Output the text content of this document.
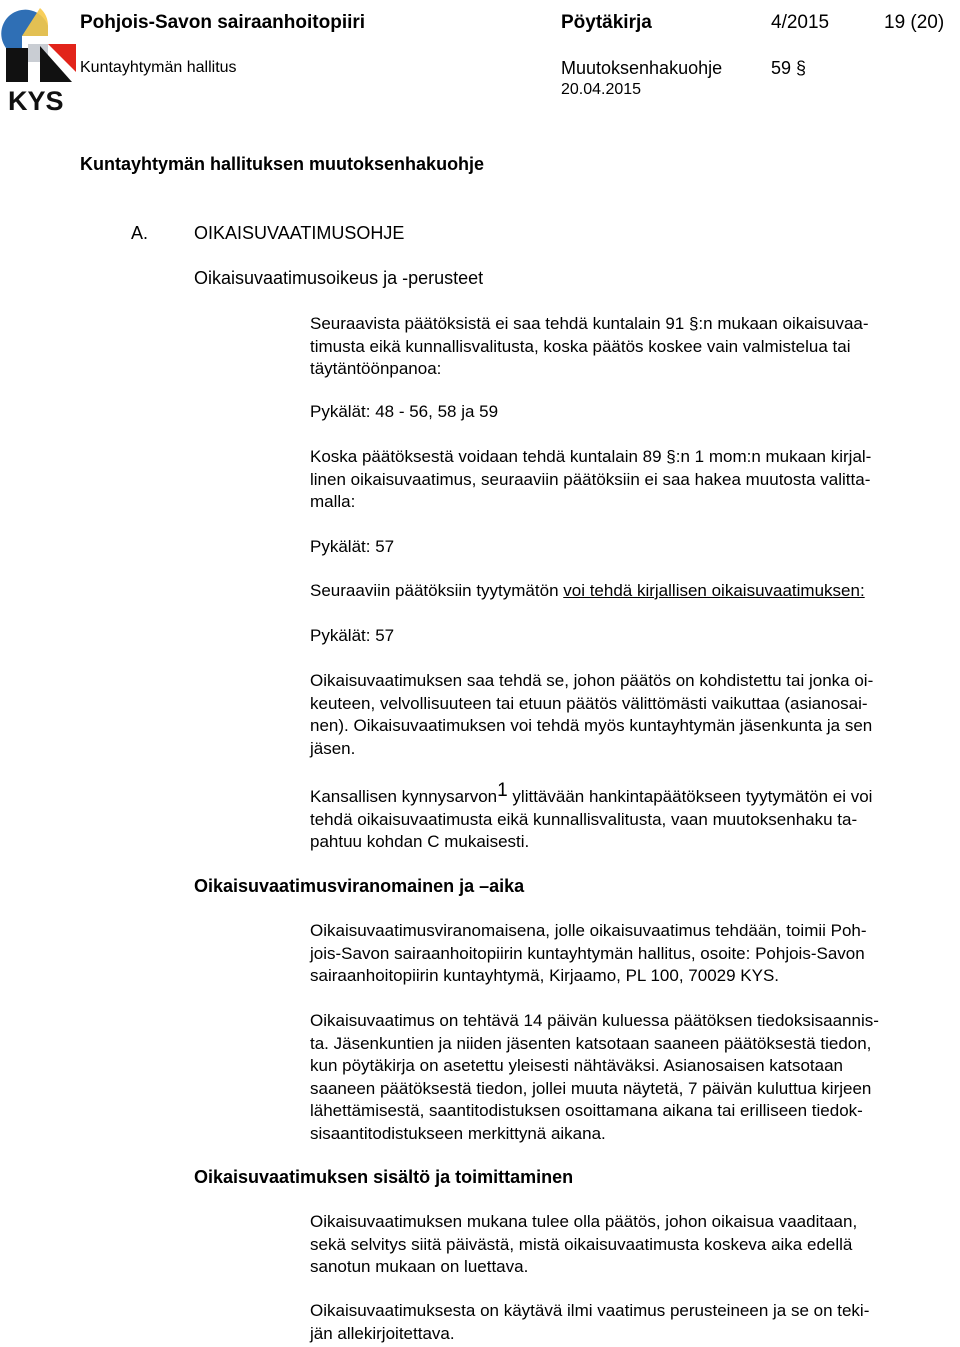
KYS
Pohjois-Savon sairaanhoitopiiri	Pöytäkirja	4/2015	19 (20)
Kuntayhtymän hallitus	Muutoksenhakuohje	59 §
20.04.2015
Kuntayhtymän hallituksen muutoksenhakuohje
A.	OIKAISUVAATIMUSOHJE
Oikaisuvaatimusoikeus ja -perusteet
Seuraavista päätöksistä ei saa tehdä kuntalain 91 §:n mukaan oikaisuvaa-
timusta eikä kunnallisvalitusta, koska päätös koskee vain valmistelua tai
täytäntöönpanoa:
Pykälät: 48 - 56, 58 ja 59
Koska päätöksestä voidaan tehdä kuntalain 89 §:n 1 mom:n mukaan kirjal-
linen oikaisuvaatimus, seuraaviin päätöksiin ei saa hakea muutosta valitta-
malla:
Pykälät: 57
Seuraaviin päätöksiin tyytymätön voi tehdä kirjallisen oikaisuvaatimuksen:
Pykälät: 57
Oikaisuvaatimuksen saa tehdä se, johon päätös on kohdistettu tai jonka oi-
keuteen, velvollisuuteen tai etuun päätös välittömästi vaikuttaa (asianosai-
nen). Oikaisuvaatimuksen voi tehdä myös kuntayhtymän jäsenkunta ja sen
jäsen.
Kansallisen kynnysarvon$^1$ ylittävään hankintapäätökseen tyytymätön ei voi
tehdä oikaisuvaatimusta eikä kunnallisvalitusta, vaan muutoksenhaku ta-
pahtuu kohdan C mukaisesti.
Oikaisuvaatimusviranomainen ja –aika
Oikaisuvaatimusviranomaisena, jolle oikaisuvaatimus tehdään, toimii Poh-
jois-Savon sairaanhoitopiirin kuntayhtymän hallitus, osoite: Pohjois-Savon
sairaanhoitopiirin kuntayhtymä, Kirjaamo, PL 100, 70029 KYS.
Oikaisuvaatimus on tehtävä 14 päivän kuluessa päätöksen tiedoksisaannis-
ta. Jäsenkuntien ja niiden jäsenten katsotaan saaneen päätöksestä tiedon,
kun pöytäkirja on asetettu yleisesti nähtäväksi. Asianosaisen katsotaan
saaneen päätöksestä tiedon, jollei muuta näytetä, 7 päivän kuluttua kirjeen
lähettämisestä, saantitodistuksen osoittamana aikana tai erilliseen tiedok-
sisaantitodistukseen merkittynä aikana.
Oikaisuvaatimuksen sisältö ja toimittaminen
Oikaisuvaatimuksen mukana tulee olla päätös, johon oikaisua vaaditaan,
sekä selvitys siitä päivästä, mistä oikaisuvaatimusta koskeva aika edellä
sanotun mukaan on luettava.
Oikaisuvaatimuksesta on käytävä ilmi vaatimus perusteineen ja se on teki-
jän allekirjoitettava.
